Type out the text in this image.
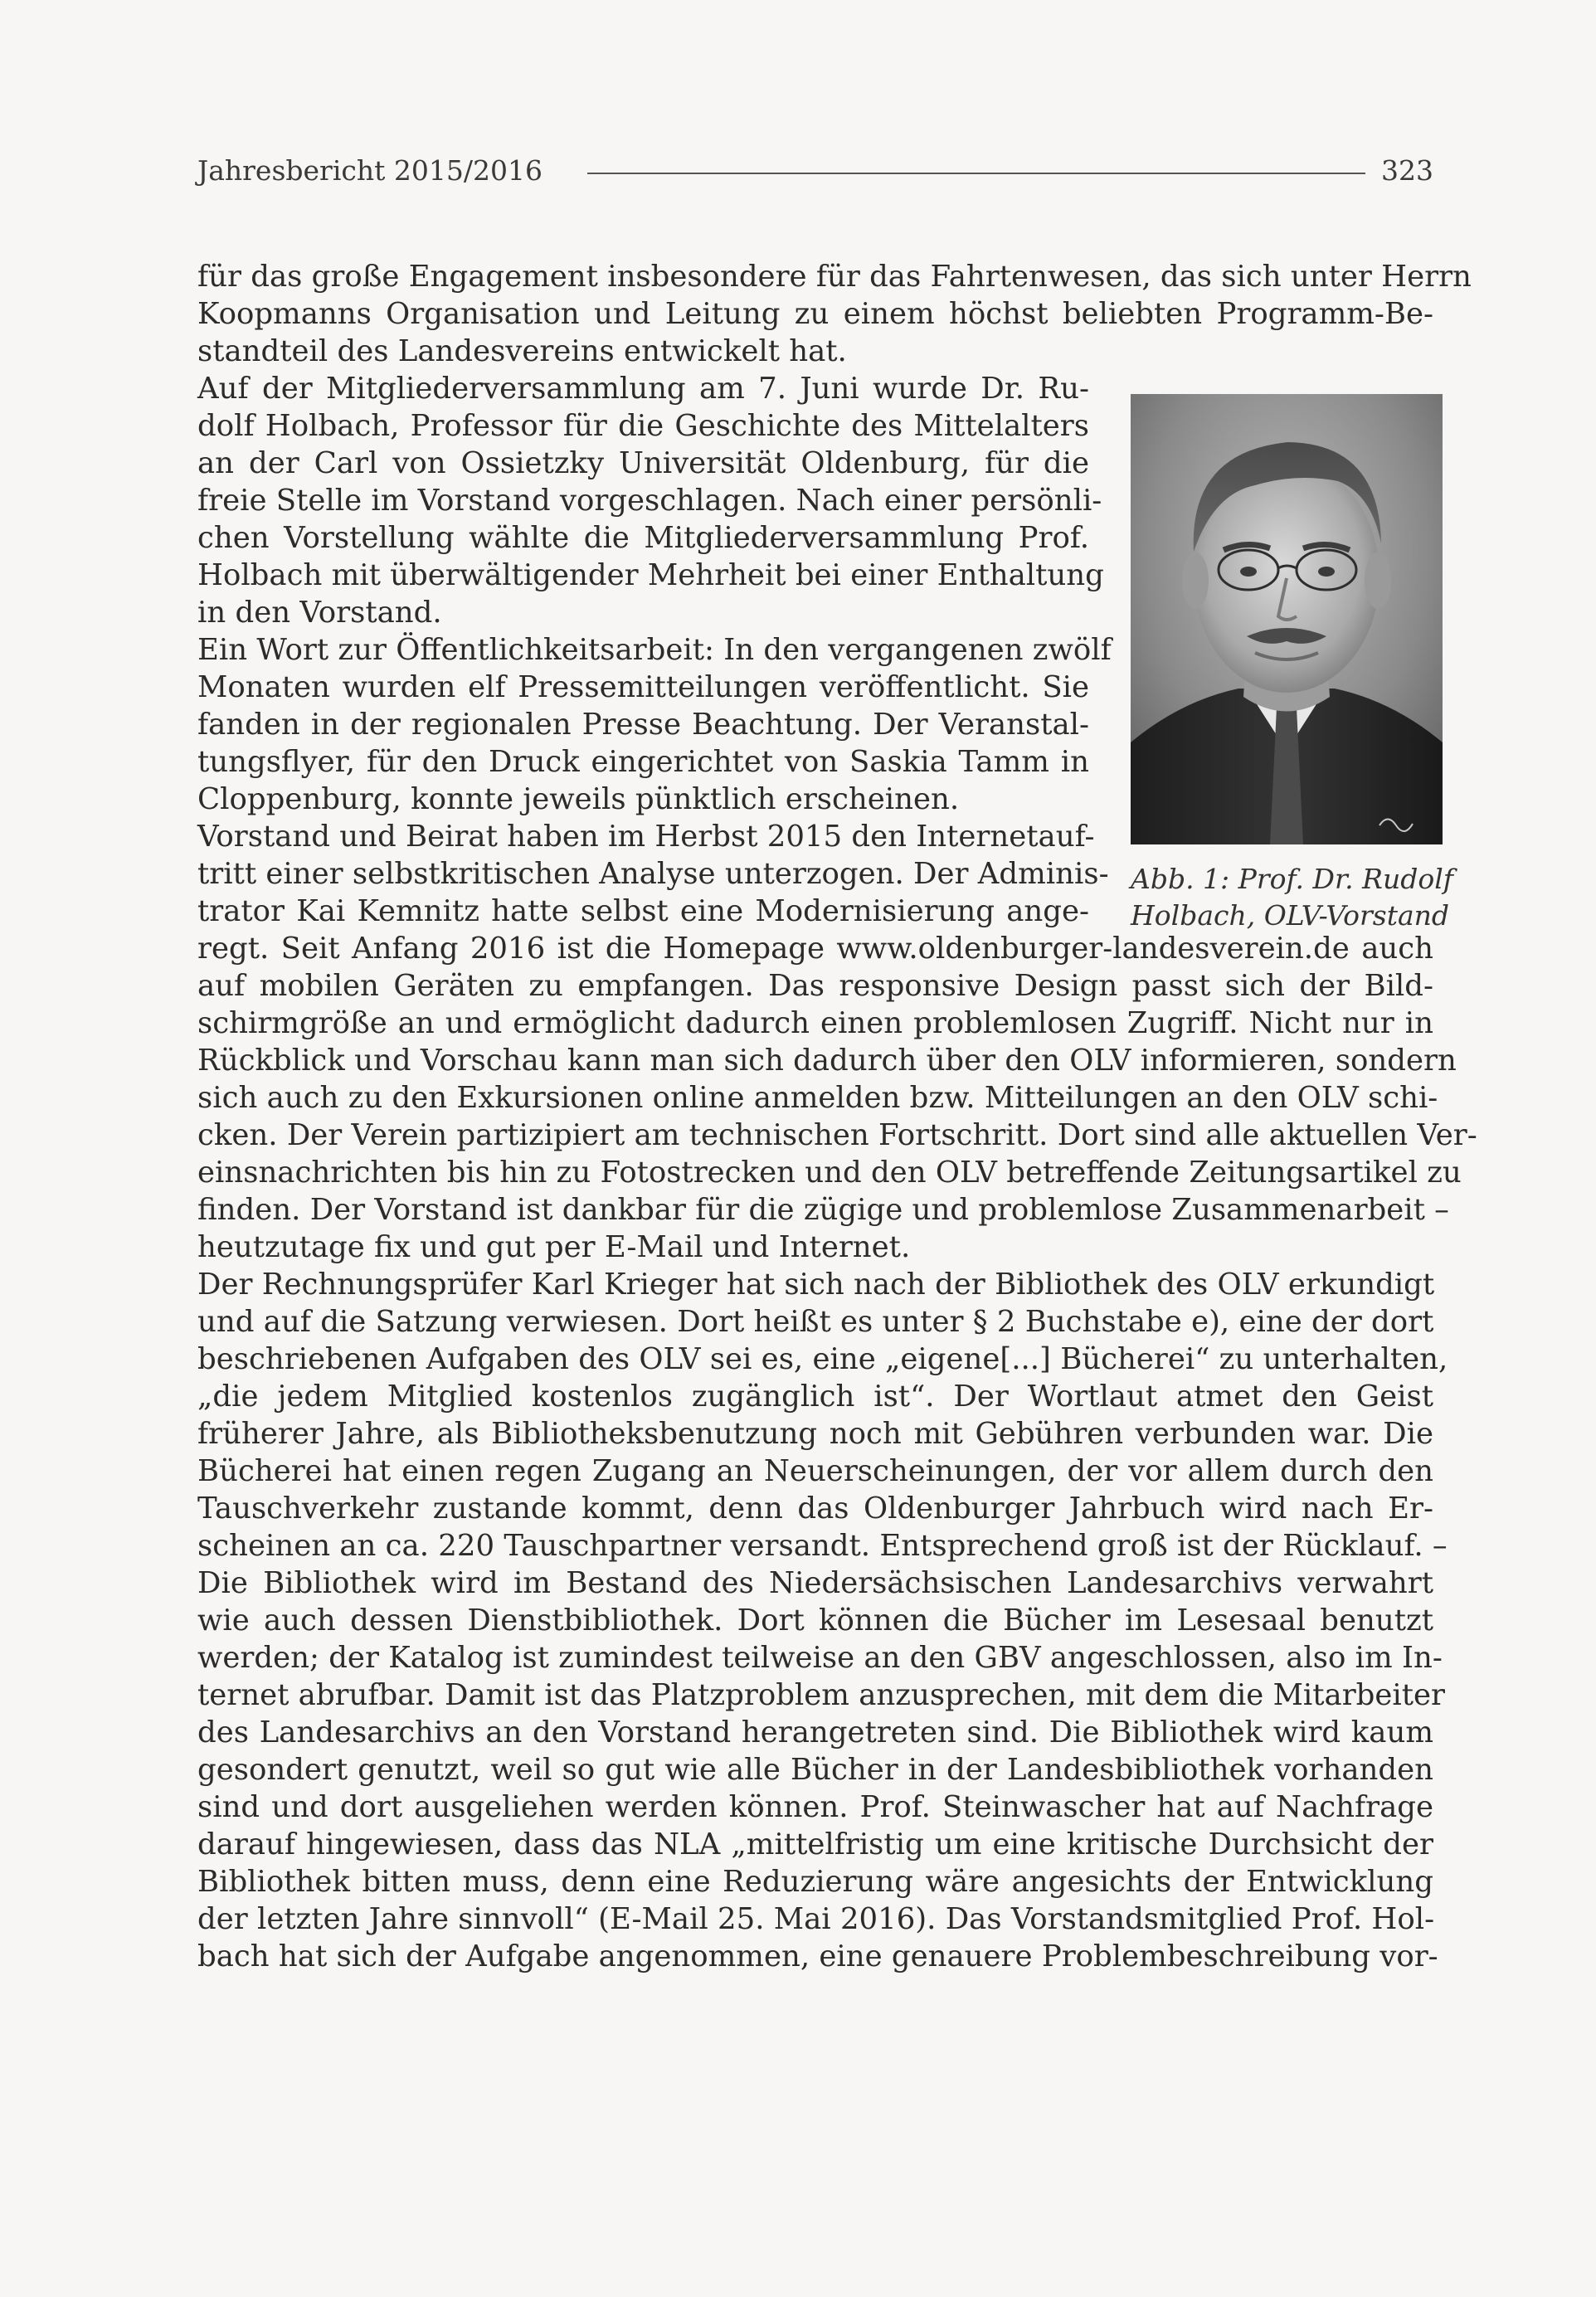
Jahresbericht 2015/2016	323
für das große Engagement insbesondere für das Fahrtenwesen, das sich unter Herrn
Koopmanns Organisation und Leitung zu einem höchst beliebten Programm-Be-
standteil des Landesvereins entwickelt hat.
Auf der Mitgliederversammlung am 7. Juni wurde Dr. Ru-
dolf Holbach, Professor für die Geschichte des Mittelalters
an der Carl von Ossietzky Universität Oldenburg, für die
freie Stelle im Vorstand vorgeschlagen. Nach einer persönli-
chen Vorstellung wählte die Mitgliederversammlung Prof.
Holbach mit überwältigender Mehrheit bei einer Enthaltung
in den Vorstand.
Ein Wort zur Öffentlichkeitsarbeit: In den vergangenen zwölf
Monaten wurden elf Pressemitteilungen veröffentlicht. Sie
fanden in der regionalen Presse Beachtung. Der Veranstal-
tungsflyer, für den Druck eingerichtet von Saskia Tamm in
Cloppenburg, konnte jeweils pünktlich erscheinen.
Vorstand und Beirat haben im Herbst 2015 den Internetauf-
tritt einer selbstkritischen Analyse unterzogen. Der Adminis-
trator Kai Kemnitz hatte selbst eine Modernisierung ange-
regt. Seit Anfang 2016 ist die Homepage www.oldenburger-landesverein.de auch
auf mobilen Geräten zu empfangen. Das responsive Design passt sich der Bild-
schirmgröße an und ermöglicht dadurch einen problemlosen Zugriff. Nicht nur in
Rückblick und Vorschau kann man sich dadurch über den OLV informieren, sondern
sich auch zu den Exkursionen online anmelden bzw. Mitteilungen an den OLV schi-
cken. Der Verein partizipiert am technischen Fortschritt. Dort sind alle aktuellen Ver-
einsnachrichten bis hin zu Fotostrecken und den OLV betreffende Zeitungsartikel zu
finden. Der Vorstand ist dankbar für die zügige und problemlose Zusammenarbeit –
heutzutage fix und gut per E-Mail und Internet.
Der Rechnungsprüfer Karl Krieger hat sich nach der Bibliothek des OLV erkundigt
und auf die Satzung verwiesen. Dort heißt es unter § 2 Buchstabe e), eine der dort
beschriebenen Aufgaben des OLV sei es, eine „eigene[...] Bücherei“ zu unterhalten,
„die jedem Mitglied kostenlos zugänglich ist“. Der Wortlaut atmet den Geist
früherer Jahre, als Bibliotheksbenutzung noch mit Gebühren verbunden war. Die
Bücherei hat einen regen Zugang an Neuerscheinungen, der vor allem durch den
Tauschverkehr zustande kommt, denn das Oldenburger Jahrbuch wird nach Er-
scheinen an ca. 220 Tauschpartner versandt. Entsprechend groß ist der Rücklauf. –
Die Bibliothek wird im Bestand des Niedersächsischen Landesarchivs verwahrt
wie auch dessen Dienstbibliothek. Dort können die Bücher im Lesesaal benutzt
werden; der Katalog ist zumindest teilweise an den GBV angeschlossen, also im In-
ternet abrufbar. Damit ist das Platzproblem anzusprechen, mit dem die Mitarbeiter
des Landesarchivs an den Vorstand herangetreten sind. Die Bibliothek wird kaum
gesondert genutzt, weil so gut wie alle Bücher in der Landesbibliothek vorhanden
sind und dort ausgeliehen werden können. Prof. Steinwascher hat auf Nachfrage
darauf hingewiesen, dass das NLA „mittelfristig um eine kritische Durchsicht der
Bibliothek bitten muss, denn eine Reduzierung wäre angesichts der Entwicklung
der letzten Jahre sinnvoll“ (E-Mail 25. Mai 2016). Das Vorstandsmitglied Prof. Hol-
bach hat sich der Aufgabe angenommen, eine genauere Problembeschreibung vor-
Abb. 1: Prof. Dr. Rudolf
Holbach, OLV-Vorstand
